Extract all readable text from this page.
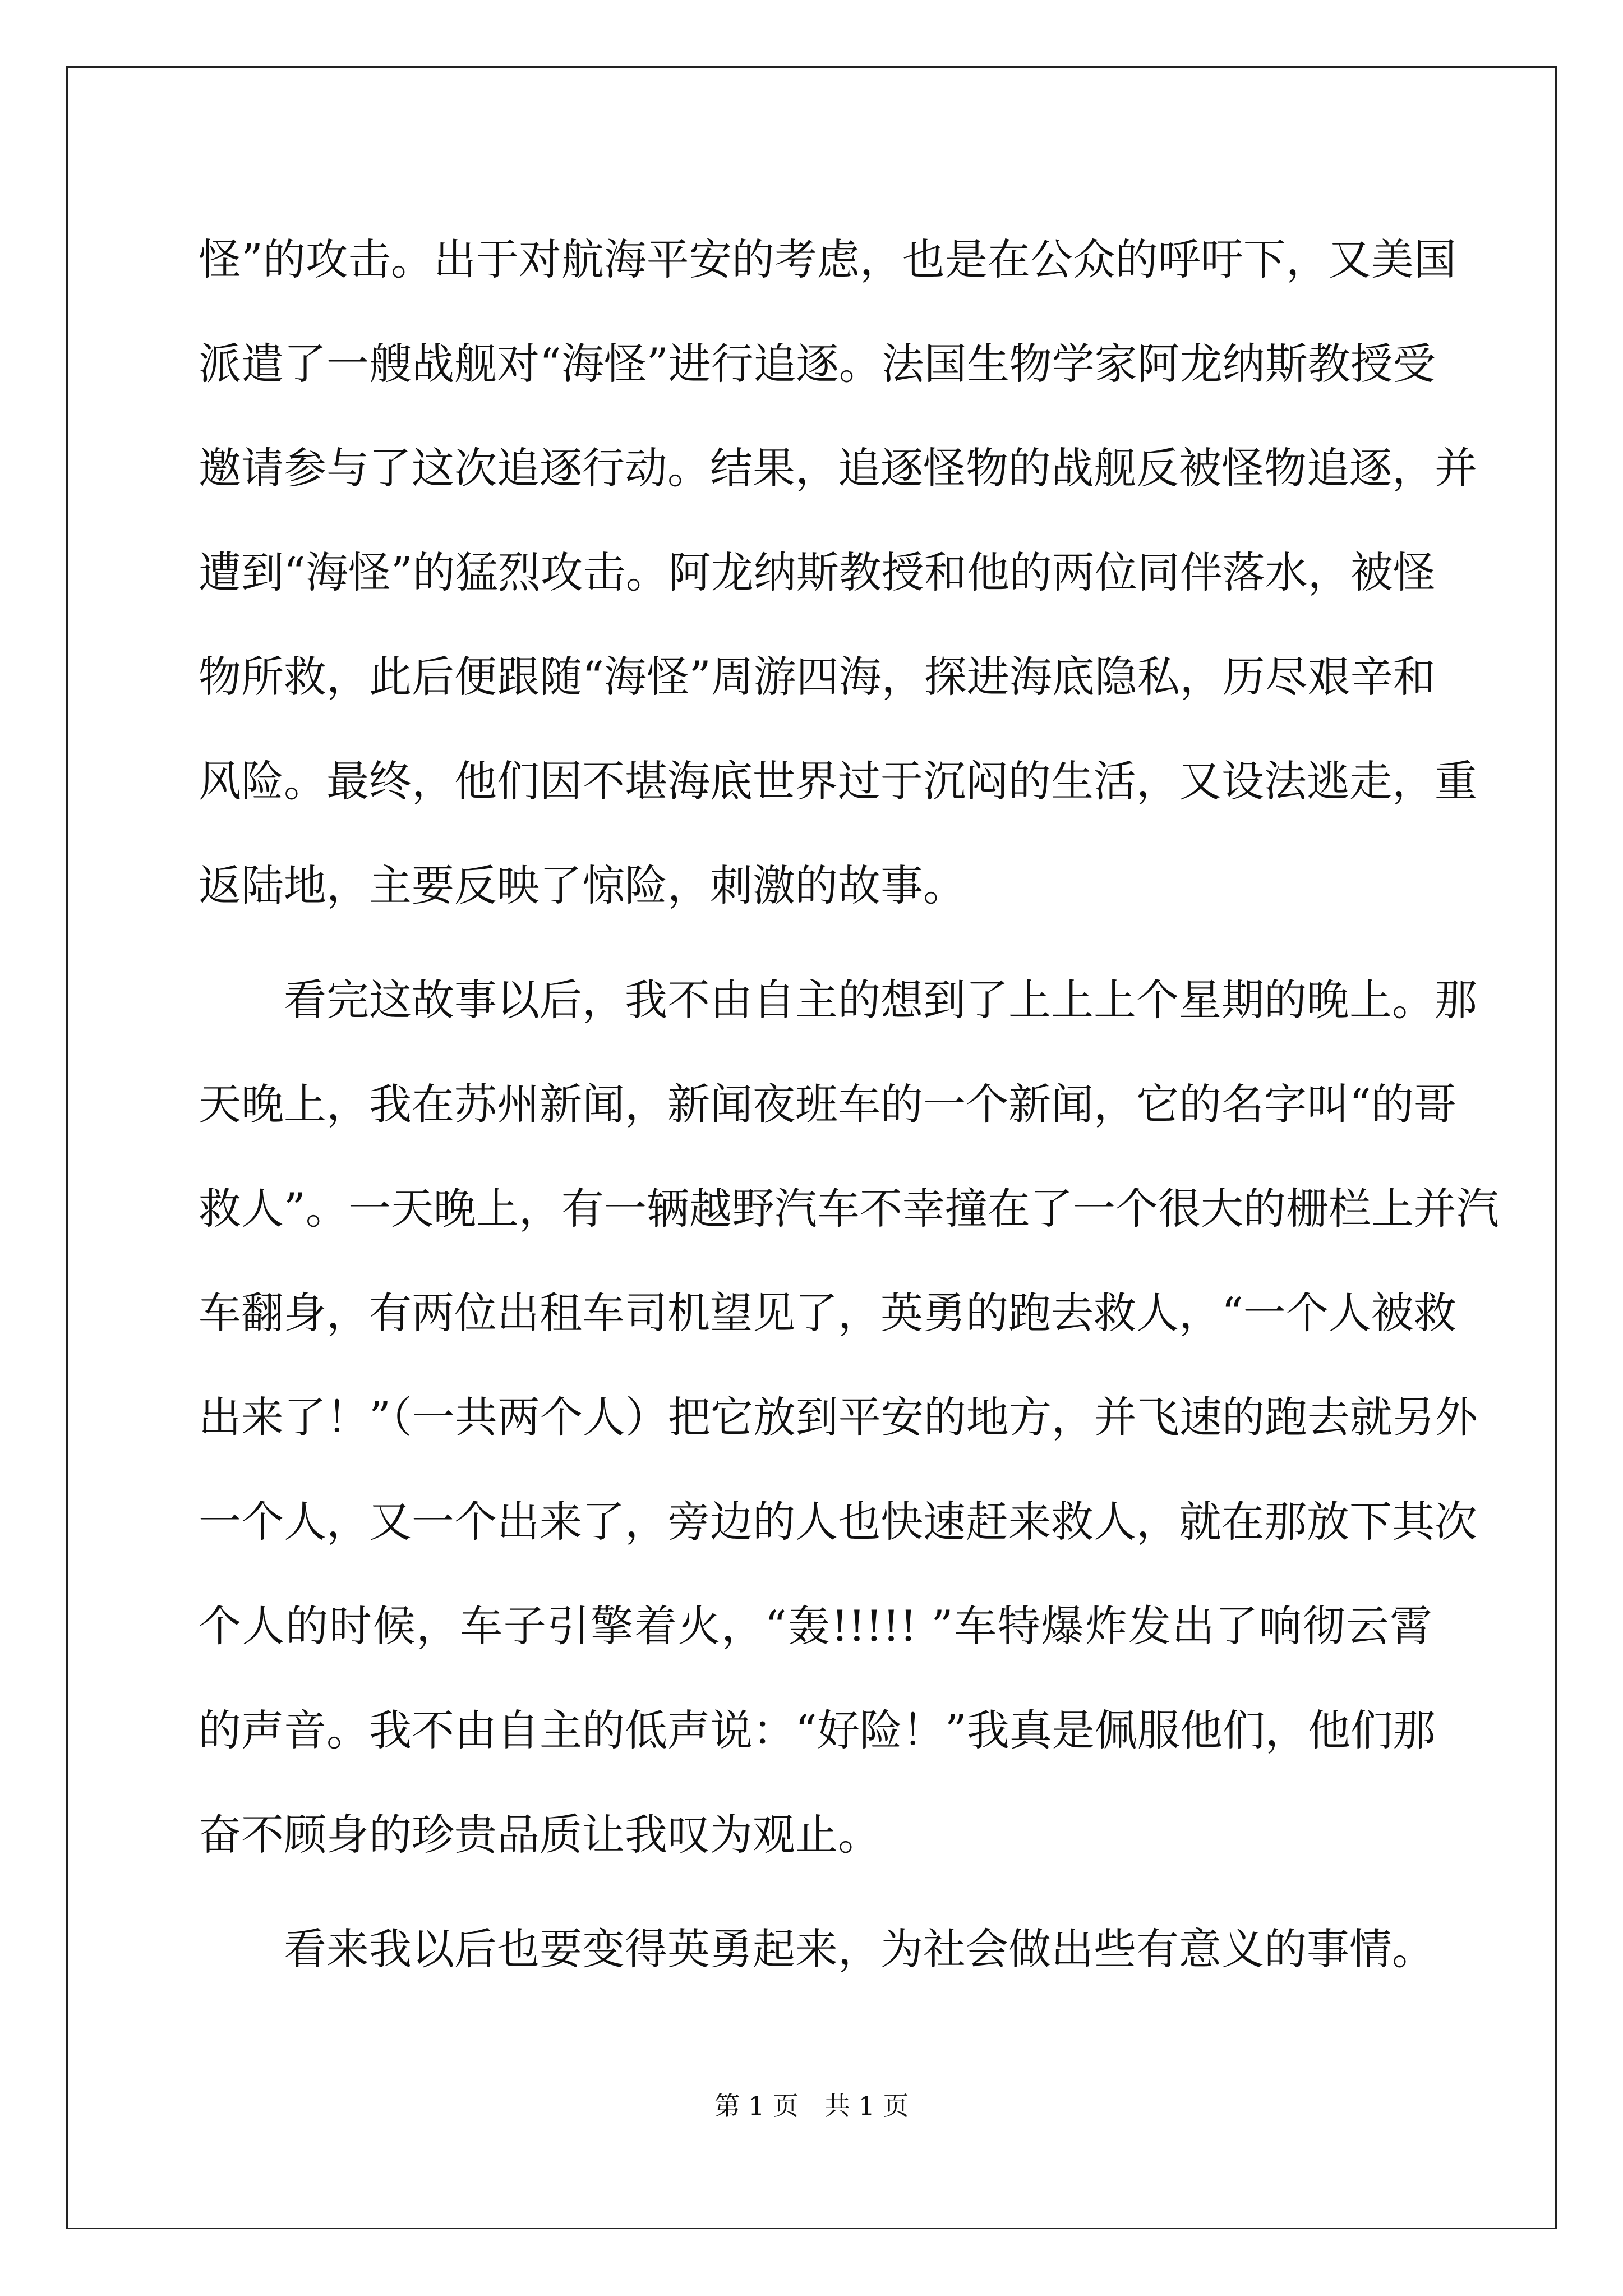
怪”的攻击。出于对航海平安的考虑，也是在公众的呼吁下，又美国
派遣了一艘战舰对“海怪”进行追逐。法国生物学家阿龙纳斯教授受
邀请参与了这次追逐行动。结果，追逐怪物的战舰反被怪物追逐，并
遭到“海怪”的猛烈攻击。阿龙纳斯教授和他的两位同伴落水，被怪
物所救，此后便跟随“海怪”周游四海，探进海底隐私，历尽艰辛和
风险。最终，他们因不堪海底世界过于沉闷的生活，又设法逃走，重
返陆地，主要反映了惊险，刺激的故事。
看完这故事以后，我不由自主的想到了上上上个星期的晚上。那
天晚上，我在苏州新闻，新闻夜班车的一个新闻，它的名字叫“的哥
救人”。一天晚上，有一辆越野汽车不幸撞在了一个很大的栅栏上并汽
车翻身，有两位出租车司机望见了，英勇的跑去救人，“一个人被救
出来了！”（一共两个人）把它放到平安的地方，并飞速的跑去就另外
一个人，又一个出来了，旁边的人也快速赶来救人，就在那放下其次
个人的时候，车子引擎着火，“轰!!!!! ”车特爆炸发出了响彻云霄
的声音。我不由自主的低声说：“好险！”我真是佩服他们，他们那
奋不顾身的珍贵品质让我叹为观止。
看来我以后也要变得英勇起来，为社会做出些有意义的事情。
第 1 页　共 1 页
